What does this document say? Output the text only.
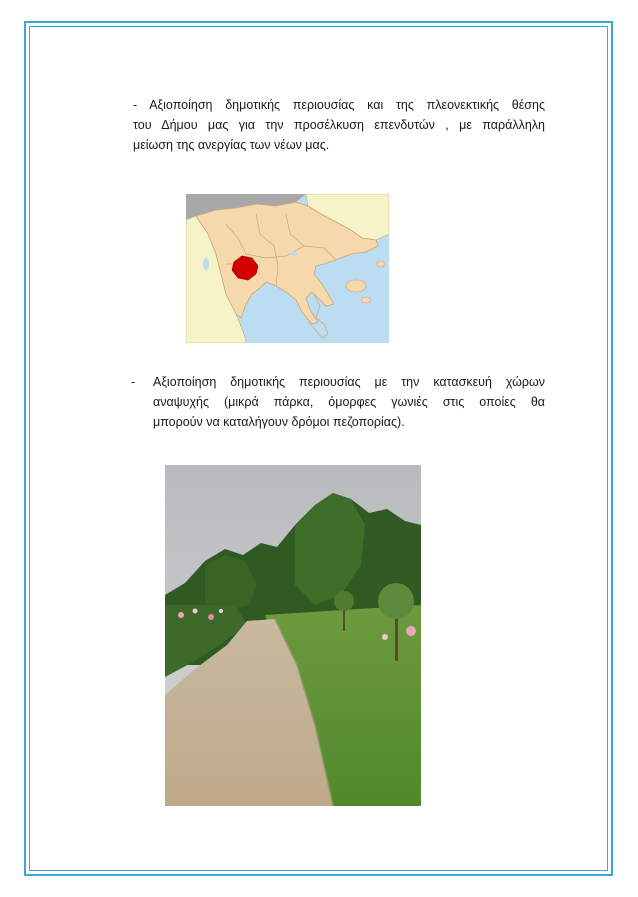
- Αξιοποίηση δημοτικής περιουσίας και της πλεονεκτικής θέσης
του Δήμου μας για την προσέλκυση επενδυτών , με παράλληλη
μείωση της ανεργίας των νέων μας.
- Αξιοποίηση δημοτικής περιουσίας με την κατασκευή χώρων
αναψυχής (μικρά πάρκα, όμορφες γωνιές στις οποίες θα
μπορούν να καταλήγουν δρόμοι πεζοπορίας).
